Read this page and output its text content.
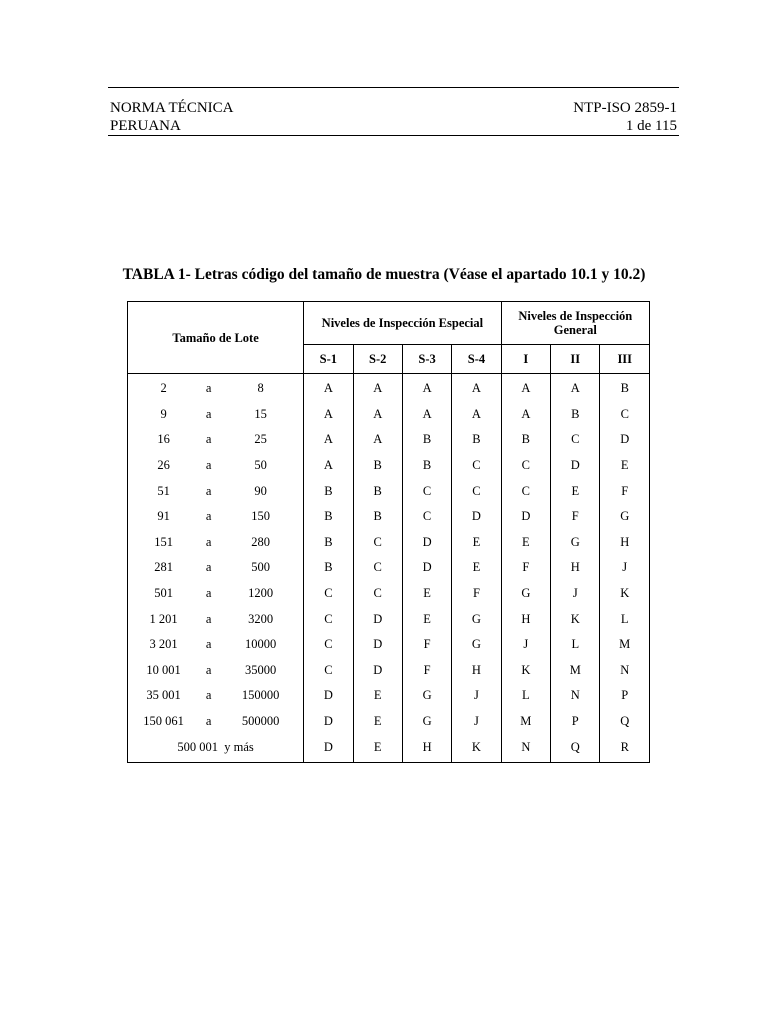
NORMA TÉCNICA
PERUANA
NTP-ISO 2859-1
1 de 115
TABLA 1- Letras código del tamaño de muestra (Véase el apartado 10.1 y 10.2)
Tamaño de Lote	Niveles de Inspección Especial				Niveles de Inspección General		
	S-1	S-2	S-3	S-4	I	II	III
2 a 8	A	A	A	A	A	A	B
9 a 15	A	A	A	A	A	B	C
16 a 25	A	A	B	B	B	C	D
26 a 50	A	B	B	C	C	D	E
51 a 90	B	B	C	C	C	E	F
91 a 150	B	B	C	D	D	F	G
151 a 280	B	C	D	E	E	G	H
281 a 500	B	C	D	E	F	H	J
501 a 1200	C	C	E	F	G	J	K
1 201 a 3200	C	D	E	G	H	K	L
3 201 a 10000	C	D	F	G	J	L	M
10 001 a 35000	C	D	F	H	K	M	N
35 001 a 150000	D	E	G	J	L	N	P
150 061 a 500000	D	E	G	J	M	P	Q
500 001  y más	D	E	H	K	N	Q	R
